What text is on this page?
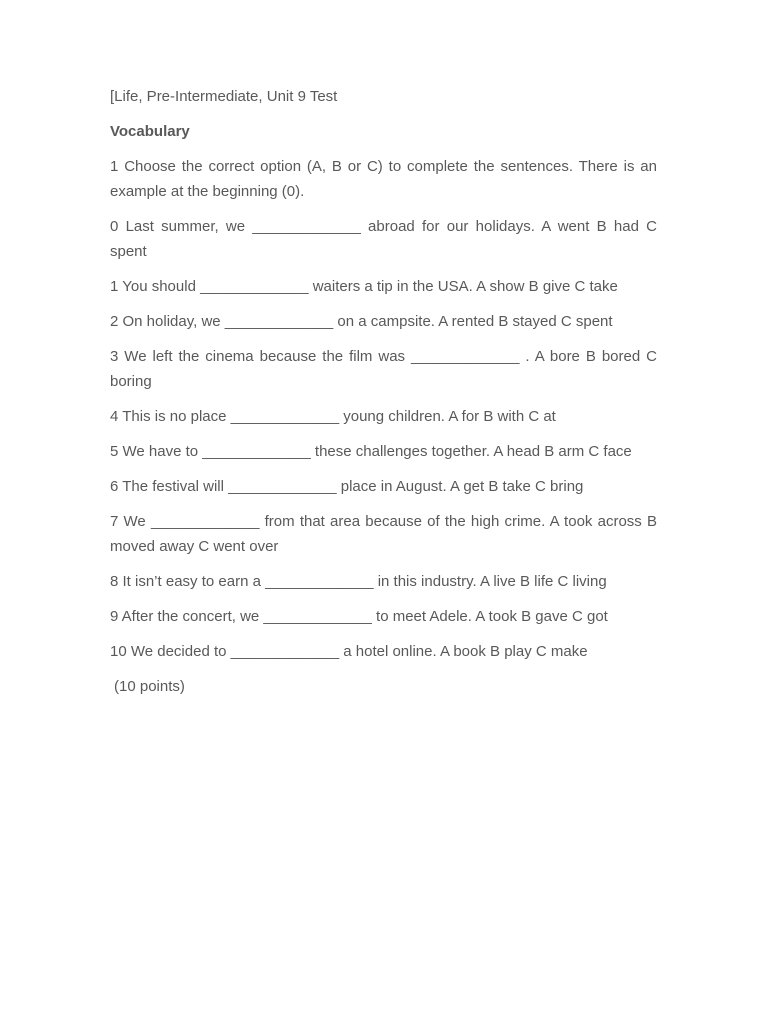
[Life, Pre-Intermediate, Unit 9 Test

Vocabulary

1 Choose the correct option (A, B or C) to complete the sentences. There is an example at the beginning (0).

0 Last summer, we _____________ abroad for our holidays. A went B had C spent

1 You should _____________ waiters a tip in the USA. A show B give C take

2 On holiday, we _____________ on a campsite. A rented B stayed C spent

3 We left the cinema because the film was _____________ . A bore B bored C boring

4 This is no place _____________ young children. A for B with C at

5 We have to _____________ these challenges together. A head B arm C face

6 The festival will _____________ place in August. A get B take C bring

7 We _____________ from that area because of the high crime. A took across B moved away C went over

8 It isn’t easy to earn a _____________ in this industry. A live B life C living

9 After the concert, we _____________ to meet Adele. A took B gave C got

10 We decided to _____________ a hotel online. A book B play C make

(10 points)
